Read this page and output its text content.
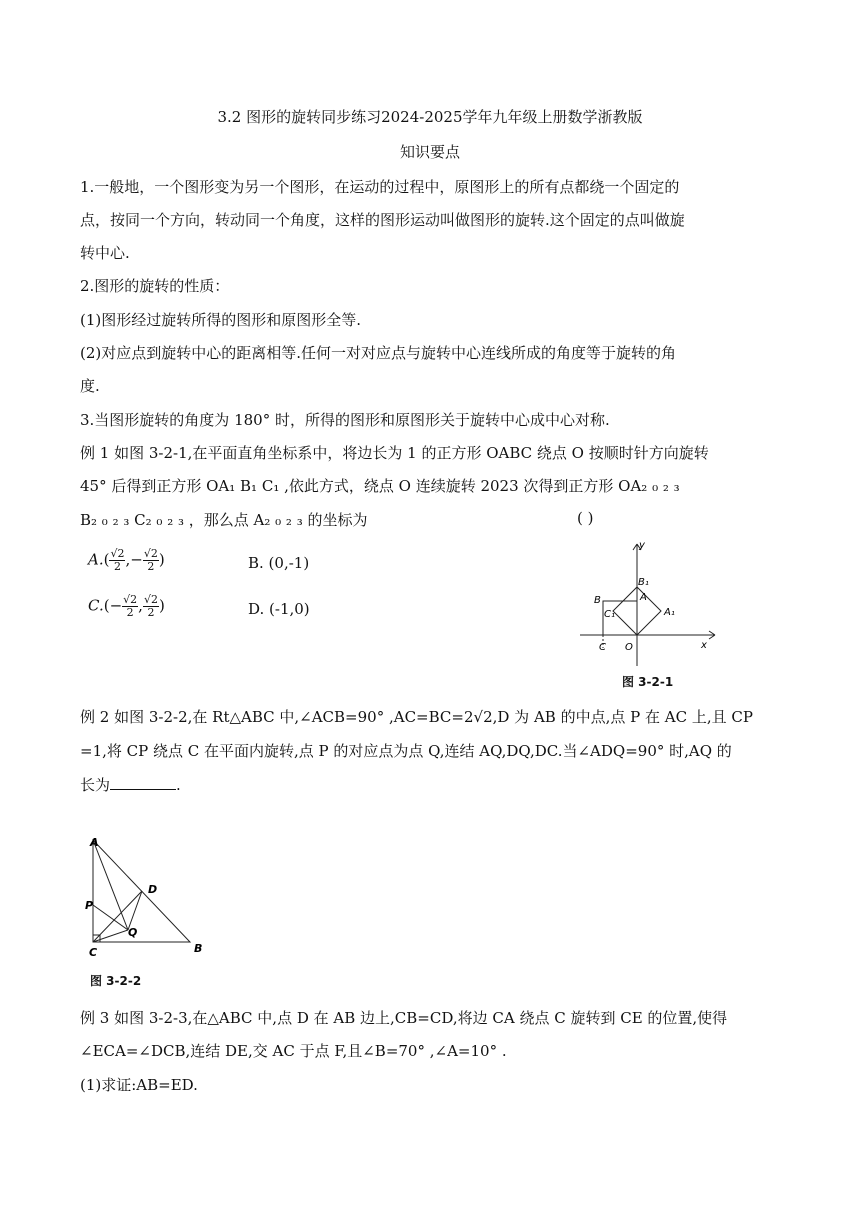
3.2 图形的旋转同步练习2024-2025学年九年级上册数学浙教版
知识要点
1.一般地，一个图形变为另一个图形，在运动的过程中，原图形上的所有点都绕一个固定的
点，按同一个方向，转动同一个角度，这样的图形运动叫做图形的旋转.这个固定的点叫做旋
转中心.
2.图形的旋转的性质：
(1)图形经过旋转所得的图形和原图形全等.
(2)对应点到旋转中心的距离相等.任何一对对应点与旋转中心连线所成的角度等于旋转的角
度.
3.当图形旋转的角度为 180° 时，所得的图形和原图形关于旋转中心成中心对称.
例 1 如图 3-2-1,在平面直角坐标系中，将边长为 1 的正方形 OABC 绕点 O 按顺时针方向旋转
45° 后得到正方形 OA₁ B₁ C₁ ,依此方式，绕点 O 连续旋转 2023 次得到正方形 OA₂ ₀ ₂ ₃
B₂ ₀ ₂ ₃ C₂ ₀ ₂ ₃ ，那么点 A₂ ₀ ₂ ₃ 的坐标为	( )
$A.( \frac{√2}{2}$ ,− $\frac{√2}{2}$ )	B. (0,-1)
$C.(- \frac{√2}{2}$ , $\frac{√2}{2}$ )	D. (-1,0)
y
x
B	A
B₁
C₁	A₁
C O
图 3-2-1
例 2 如图 3-2-2,在 Rt△ABC 中,∠ACB=90° ,AC=BC=2√2,D 为 AB 的中点,点 P 在 AC 上,且 CP
=1,将 CP 绕点 C 在平面内旋转,点 P 的对应点为点 Q,连结 AQ,DQ,DC.当∠ADQ=90° 时,AQ 的
长为	.
A
D
P
Q
C	B
图 3-2-2
例 3 如图 3-2-3,在△ABC 中,点 D 在 AB 边上,CB=CD,将边 CA 绕点 C 旋转到 CE 的位置,使得
∠ECA=∠DCB,连结 DE,交 AC 于点 F,且∠B=70° ,∠A=10° .
(1)求证:AB=ED.
